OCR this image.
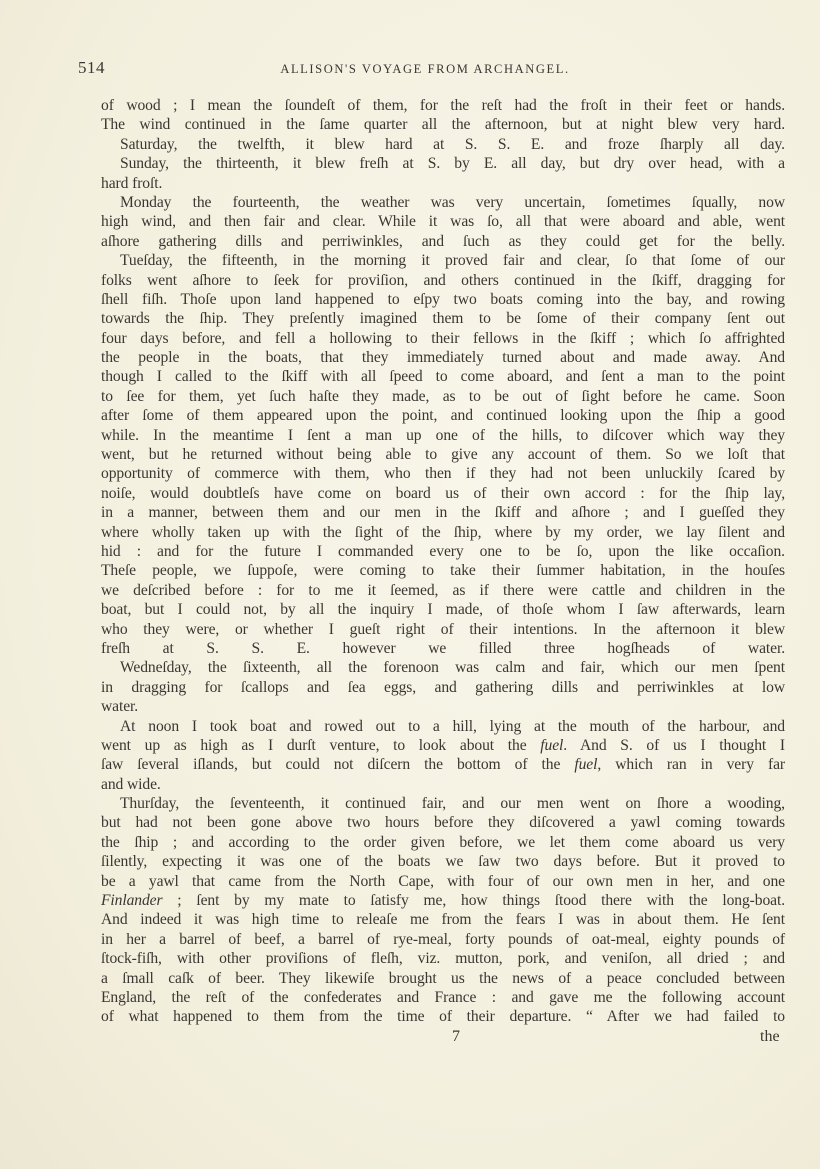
514	ALLISON'S VOYAGE FROM ARCHANGEL.
of wood ; I mean the ſoundeſt of them, for the reſt had the froſt in their feet or hands.
The wind continued in the ſame quarter all the afternoon, but at night blew very hard.
Saturday, the twelfth, it blew hard at S. S. E. and froze ſharply all day.
Sunday, the thirteenth, it blew freſh at S. by E. all day, but dry over head, with a
hard froſt.
Monday the fourteenth, the weather was very uncertain, ſometimes ſqually, now
high wind, and then fair and clear. While it was ſo, all that were aboard and able, went
aſhore gathering dills and perriwinkles, and ſuch as they could get for the belly.
Tueſday, the fifteenth, in the morning it proved fair and clear, ſo that ſome of our
folks went aſhore to ſeek for proviſion, and others continued in the ſkiff, dragging for
ſhell fiſh. Thoſe upon land happened to eſpy two boats coming into the bay, and rowing
towards the ſhip. They preſently imagined them to be ſome of their company ſent out
four days before, and fell a hollowing to their fellows in the ſkiff ; which ſo affrighted
the people in the boats, that they immediately turned about and made away. And
though I called to the ſkiff with all ſpeed to come aboard, and ſent a man to the point
to ſee for them, yet ſuch haſte they made, as to be out of ſight before he came. Soon
after ſome of them appeared upon the point, and continued looking upon the ſhip a good
while. In the meantime I ſent a man up one of the hills, to diſcover which way they
went, but he returned without being able to give any account of them. So we loſt that
opportunity of commerce with them, who then if they had not been unluckily ſcared by
noiſe, would doubtleſs have come on board us of their own accord : for the ſhip lay,
in a manner, between them and our men in the ſkiff and aſhore ; and I gueſſed they
where wholly taken up with the ſight of the ſhip, where by my order, we lay ſilent and
hid : and for the future I commanded every one to be ſo, upon the like occaſion.
Theſe people, we ſuppoſe, were coming to take their ſummer habitation, in the houſes
we deſcribed before : for to me it ſeemed, as if there were cattle and children in the
boat, but I could not, by all the inquiry I made, of thoſe whom I ſaw afterwards, learn
who they were, or whether I gueſt right of their intentions. In the afternoon it blew
freſh at S. S. E. however we filled three hogſheads of water.
Wedneſday, the ſixteenth, all the forenoon was calm and fair, which our men ſpent
in dragging for ſcallops and ſea eggs, and gathering dills and perriwinkles at low
water.
At noon I took boat and rowed out to a hill, lying at the mouth of the harbour, and
went up as high as I durſt venture, to look about the fuel. And S. of us I thought I
ſaw ſeveral iſlands, but could not diſcern the bottom of the fuel, which ran in very far
and wide.
Thurſday, the ſeventeenth, it continued fair, and our men went on ſhore a wooding,
but had not been gone above two hours before they diſcovered a yawl coming towards
the ſhip ; and according to the order given before, we let them come aboard us very
ſilently, expecting it was one of the boats we ſaw two days before. But it proved to
be a yawl that came from the North Cape, with four of our own men in her, and one
Finlander ; ſent by my mate to ſatisfy me, how things ſtood there with the long-boat.
And indeed it was high time to releaſe me from the fears I was in about them. He ſent
in her a barrel of beef, a barrel of rye-meal, forty pounds of oat-meal, eighty pounds of
ſtock-fiſh, with other proviſions of fleſh, viz. mutton, pork, and veniſon, all dried ; and
a ſmall caſk of beer. They likewiſe brought us the news of a peace concluded between
England, the reſt of the confederates and France : and gave me the following account
of what happened to them from the time of their departure. “ After we had failed to
7	the
